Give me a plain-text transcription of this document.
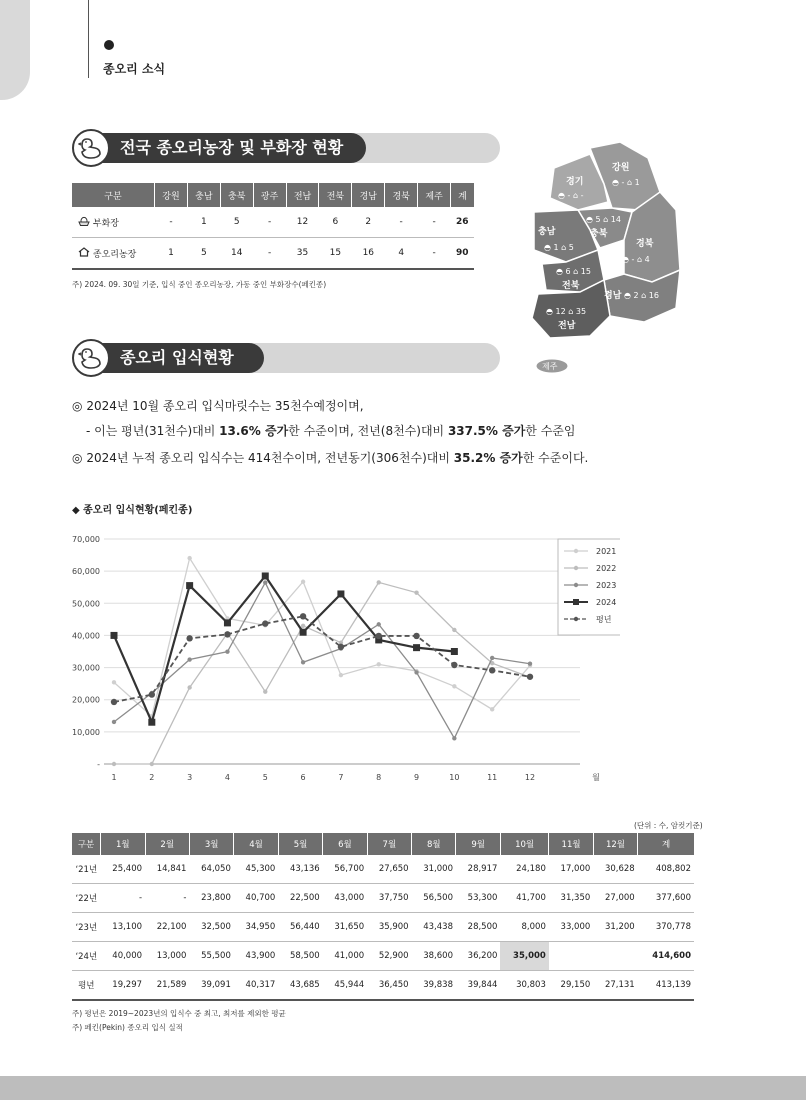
종오리 소식
전국 종오리농장 및 부화장 현황
구분	강원	충남	충북	광주	전남	전북	경남	경북	제주	계
부화장	-	1	5	-	12	6	2	-	-	26
종오리농장	1	5	14	-	35	15	16	4	-	90
주) 2024. 09. 30일 기준, 입식 중인 종오리농장, 가동 중인 부화장수(페킨종)
강원
◓ - ⌂ 1
경기
◓ - ⌂ -
◓ 5 ⌂ 14
충북
충남
◓ 1 ⌂ 5	경북
◓ - ⌂ 4
◓ 6 ⌂ 15
전북
경남 ◓ 2 ⌂ 16
◓ 12 ⌂ 35
전남
제주
종오리 입식현황
◎ 2024년 10월 종오리 입식마릿수는 35천수예정이며,
- 이는 평년(31천수)대비 13.6% 증가한 수준이며, 전년(8천수)대비 337.5% 증가한 수준임
◎ 2024년 누적 종오리 입식수는 414천수이며, 전년동기(306천수)대비 35.2% 증가한 수준이다.
◆ 종오리 입식현황(페킨종)
-
10,000
20,000
30,000
40,000
50,000
60,000
70,000
1	2	3	4	5	6	7	8	9	10	11	12	월
2021
2022
2023
2024
평년
(단위 : 수, 암컷기준)
구분	1월	2월	3월	4월	5월	6월	7월	8월	9월	10월	11월	12월	계
‘21년	25,400	14,841	64,050	45,300	43,136	56,700	27,650	31,000	28,917	24,180	17,000	30,628	408,802
‘22년	-	-	23,800	40,700	22,500	43,000	37,750	56,500	53,300	41,700	31,350	27,000	377,600
‘23년	13,100	22,100	32,500	34,950	56,440	31,650	35,900	43,438	28,500	8,000	33,000	31,200	370,778
‘24년	40,000	13,000	55,500	43,900	58,500	41,000	52,900	38,600	36,200	35,000			414,600
평년	19,297	21,589	39,091	40,317	43,685	45,944	36,450	39,838	39,844	30,803	29,150	27,131	413,139
주) 평년은 2019~2023년의 입식수 중 최고, 최저를 제외한 평균
주) 페킨(Pekin) 종오리 입식 실적
